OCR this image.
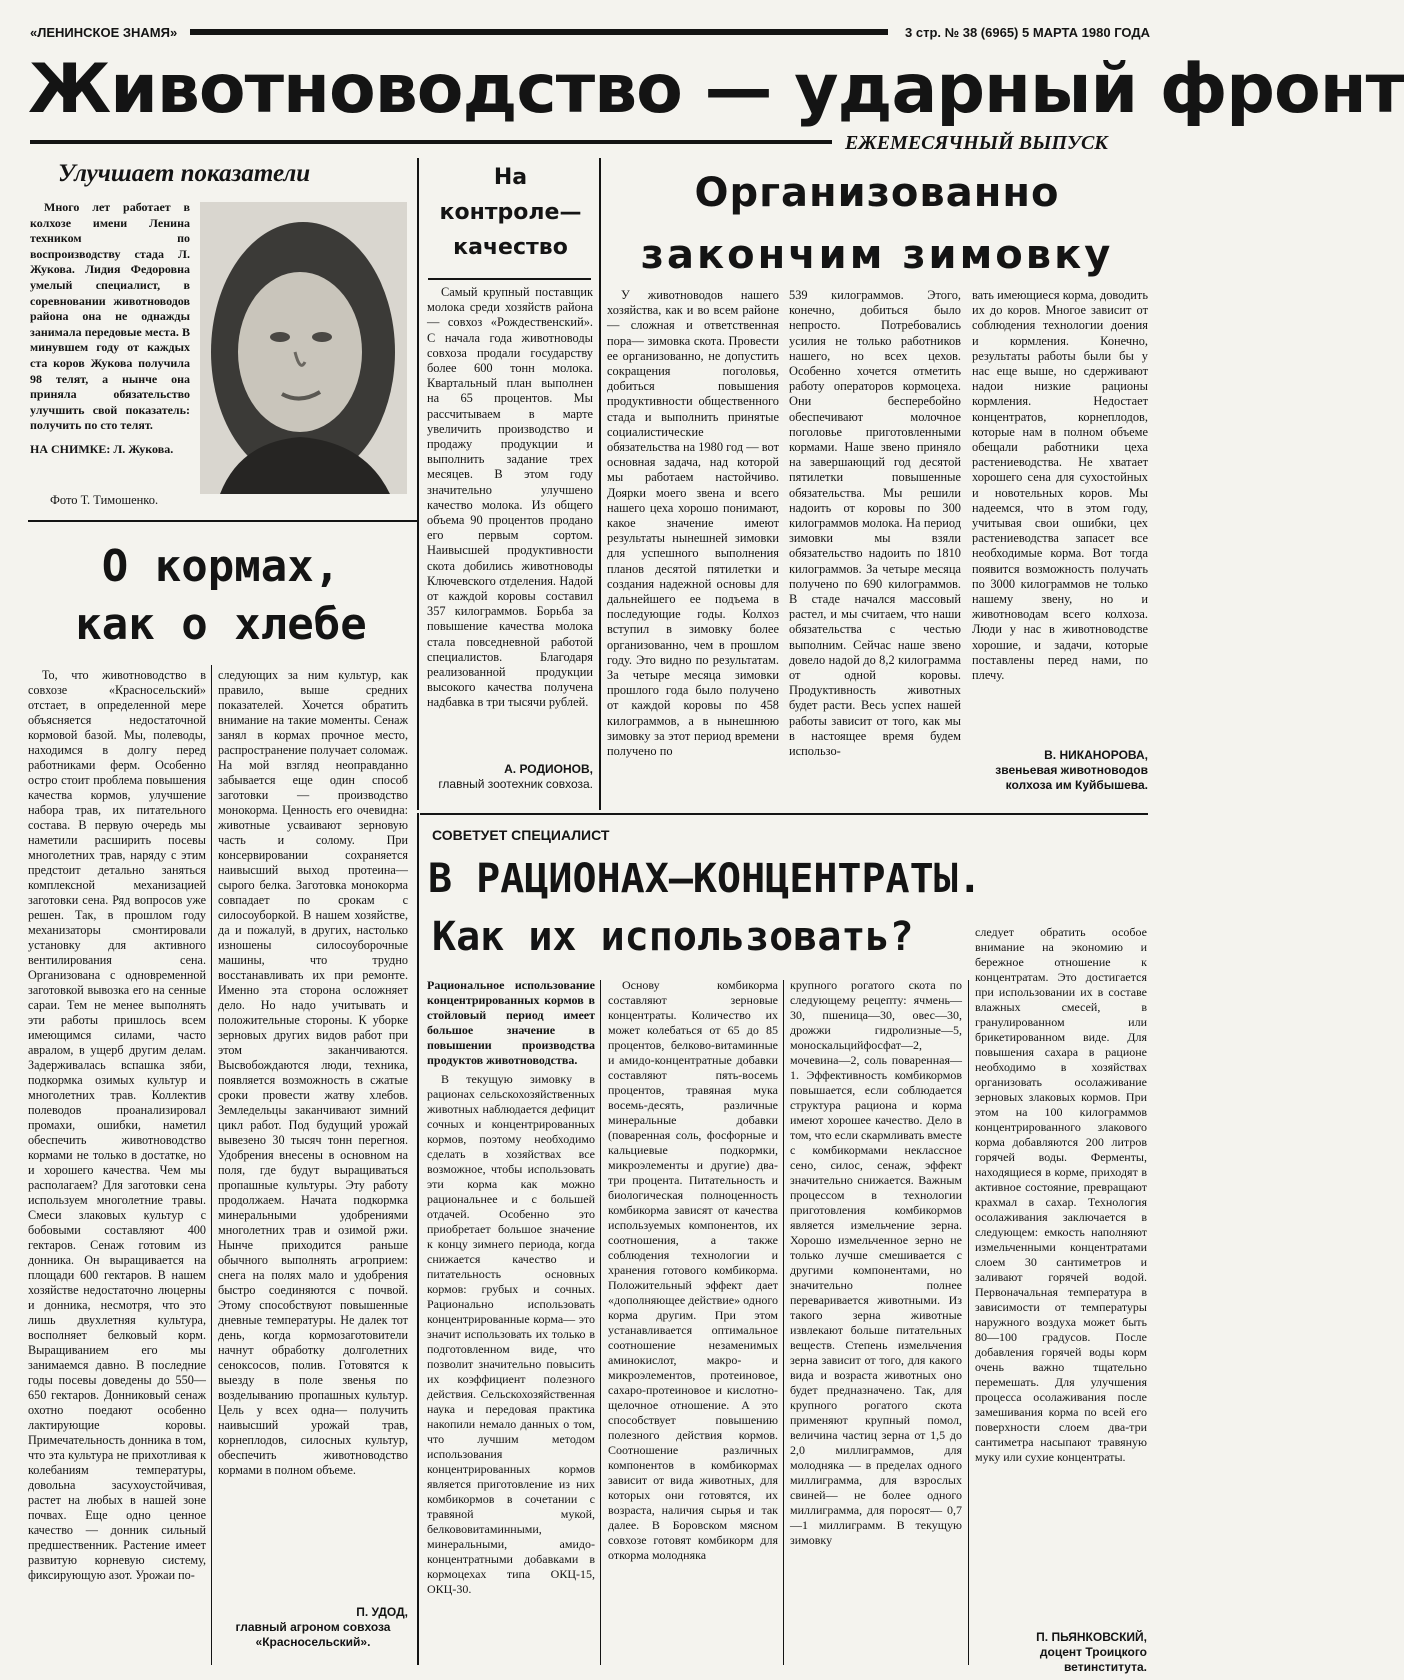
«ЛЕНИНСКОЕ ЗНАМЯ»	3 стр. № 38 (6965) 5 МАРТА 1980 ГОДА
Животноводство — ударный фронт
ЕЖЕМЕСЯЧНЫЙ ВЫПУСК
Улучшает показатели

Много лет работает в колхозе имени Ленина техником по воспроизводству стада Л. Жукова. Лидия Федоровна умелый специалист, в соревновании животноводов района она не однажды занимала передовые места. В минувшем году от каждых ста коров Жукова получила 98 телят, а нынче она приняла обязательство улучшить свой показатель: получить по сто телят.

НА СНИМКЕ: Л. Жукова.

Фото Т. Тимошенко.
На
контроле—
качество

Самый крупный поставщик молока среди хозяйств района— совхоз «Рождественский». С начала года животноводы совхоза продали государству более 600 тонн молока. Квартальный план выполнен на 65 процентов. Мы рассчитываем в марте увеличить производство и продажу продукции и выполнить задание трех месяцев. В этом году значительно улучшено качество молока. Из общего объема 90 процентов продано его первым сортом. Наивысшей продуктивности скота добились животноводы Ключевского отделения. Надой от каждой коровы составил 357 килограммов. Борьба за повышение качества молока стала повседневной работой специалистов. Благодаря реализованной продукции высокого качества получена надбавка в три тысячи рублей.

А. РОДИОНОВ,
главный зоотехник совхоза.
Организованно
закончим зимовку

У животноводов нашего хозяйства, как и во всем районе— сложная и ответственная пора— зимовка скота. Провести ее организованно, не допустить сокращения поголовья, добиться повышения продуктивности общественного стада и выполнить принятые социалистические обязательства на 1980 год — вот основная задача, над которой мы работаем настойчиво. Доярки моего звена и всего нашего цеха хорошо понимают, какое значение имеют результаты нынешней зимовки для успешного выполнения планов десятой пятилетки и создания надежной основы для дальнейшего ее подъема в последующие годы. Колхоз вступил в зимовку более организованно, чем в прошлом году. Это видно по результатам. За четыре месяца зимовки прошлого года было получено от каждой коровы по 458 килограммов, а в нынешнюю зимовку за этот период времени получено по

539 килограммов. Этого, конечно, добиться было непросто. Потребовались усилия не только работников нашего, но всех цехов. Особенно хочется отметить работу операторов кормоцеха. Они бесперебойно обеспечивают молочное поголовье приготовленными кормами. Наше звено приняло на завершающий год десятой пятилетки повышенные обязательства. Мы решили надоить от коровы по 300 килограммов молока. На период зимовки мы взяли обязательство надоить по 1810 килограммов. За четыре месяца получено по 690 килограммов. В стаде начался массовый растел, и мы считаем, что наши обязательства с честью выполним. Сейчас наше звено довело надой до 8,2 килограмма от одной коровы. Продуктивность животных будет расти. Весь успех нашей работы зависит от того, как мы в настоящее время будем использо-

вать имеющиеся корма, доводить их до коров. Многое зависит от соблюдения технологии доения и кормления. Конечно, результаты работы были бы у нас еще выше, но сдерживают надои низкие рационы кормления. Недостает концентратов, корнеплодов, которые нам в полном объеме обещали работники цеха растениеводства. Не хватает хорошего сена для сухостойных и новотельных коров. Мы надеемся, что в этом году, учитывая свои ошибки, цех растениеводства запасет все необходимые корма. Вот тогда появится возможность получать по 3000 килограммов не только нашему звену, но и животноводам всего колхоза. Люди у нас в животноводстве хорошие, и задачи, которые поставлены перед нами, по плечу.

В. НИКАНОРОВА,
звеньевая животноводов колхоза им Куйбышева.
О кормах,
как о хлебе

То, что животноводство в совхозе «Красносельский» отстает, в определенной мере объясняется недостаточной кормовой базой. Мы, полеводы, находимся в долгу перед работниками ферм. Особенно остро стоит проблема повышения качества кормов, улучшение набора трав, их питательного состава. В первую очередь мы наметили расширить посевы многолетних трав, наряду с этим предстоит детально заняться комплексной механизацией заготовки сена. Ряд вопросов уже решен. Так, в прошлом году механизаторы смонтировали установку для активного вентилирования сена. Организована с одновременной заготовкой вывозка его на сенные сараи. Тем не менее выполнять эти работы пришлось всем имеющимся силами, часто авралом, в ущерб другим делам. Задерживалась вспашка зяби, подкормка озимых культур и многолетних трав. Коллектив полеводов проанализировал промахи, ошибки, наметил обеспечить животноводство кормами не только в достатке, но и хорошего качества. Чем мы располагаем? Для заготовки сена используем многолетние травы. Смеси злаковых культур с бобовыми составляют 400 гектаров. Сенаж готовим из донника. Он выращивается на площади 600 гектаров. В нашем хозяйстве недостаточно люцерны и донника, несмотря, что это лишь двухлетняя культура, восполняет белковый корм. Выращиванием его мы занимаемся давно. В последние годы посевы доведены до 550—650 гектаров. Донниковый сенаж охотно поедают особенно лактирующие коровы. Примечательность донника в том, что эта культура не прихотливая к колебаниям температуры, довольна засухоустойчивая, растет на любых в нашей зоне почвах. Еще одно ценное качество — донник сильный предшественник. Растение имеет развитую корневую систему, фиксирующую азот. Урожаи по-

следующих за ним культур, как правило, выше средних показателей. Хочется обратить внимание на такие моменты. Сенаж занял в кормах прочное место, распространение получает соломаж. На мой взгляд неоправданно забывается еще один способ заготовки — производство монокорма. Ценность его очевидна: животные усваивают зерновую часть и солому. При консервировании сохраняется наивысший выход протеина—сырого белка. Заготовка монокорма совпадает по срокам с силосоуборкой. В нашем хозяйстве, да и пожалуй, в других, настолько изношены силосоуборочные машины, что трудно восстанавливать их при ремонте. Именно эта сторона осложняет дело. Но надо учитывать и положительные стороны. К уборке зерновых других видов работ при этом заканчиваются. Высвобождаются люди, техника, появляется возможность в сжатые сроки провести жатву хлебов. Земледельцы заканчивают зимний цикл работ. Под будущий урожай вывезено 30 тысяч тонн перегноя. Удобрения внесены в основном на поля, где будут выращиваться пропашные культуры. Эту работу продолжаем. Начата подкормка минеральными удобрениями многолетних трав и озимой ржи. Нынче приходится раньше обычного выполнять агроприем: снега на полях мало и удобрения быстро соединяются с почвой. Этому способствуют повышенные дневные температуры. Не далек тот день, когда кормозаготовители начнут обработку долголетних сеноксосов, полив. Готовятся к выезду в поле звенья по возделыванию пропашных культур. Цель у всех одна— получить наивысший урожай трав, корнеплодов, силосных культур, обеспечить животноводство кормами в полном объеме.

П. УДОД,
главный агроном совхоза «Красносельский».
СОВЕТУЕТ СПЕЦИАЛИСТ
В РАЦИОНАХ—КОНЦЕНТРАТЫ.
Как их использовать?

Рациональное использование концентрированных кормов в стойловый период имеет большое значение в повышении производства продуктов животноводства.

В текущую зимовку в рационах сельскохозяйственных животных наблюдается дефицит сочных и концентрированных кормов, поэтому необходимо сделать в хозяйствах все возможное, чтобы использовать эти корма как можно рациональнее и с большей отдачей. Особенно это приобретает большое значение к концу зимнего периода, когда снижается качество и питательность основных кормов: грубых и сочных. Рационально использовать концентрированные корма— это значит использовать их только в подготовленном виде, что позволит значительно повысить их коэффициент полезного действия. Сельскохозяйственная наука и передовая практика накопили немало данных о том, что лучшим методом использования концентрированных кормов является приготовление из них комбикормов в сочетании с травяной мукой, белкововитаминными, минеральными, амидо-концентратными добавками в кормоцехах типа ОКЦ-15, ОКЦ-30.

Основу комбикорма составляют зерновые концентраты. Количество их может колебаться от 65 до 85 процентов, белково-витаминные и амидо-концентратные добавки составляют пять-восемь процентов, травяная мука восемь-десять, различные минеральные добавки (поваренная соль, фосфорные и кальциевые подкормки, микроэлементы и другие) два-три процента. Питательность и биологическая полноценность комбикорма зависят от качества используемых компонентов, их соотношения, а также соблюдения технологии и хранения готового комбикорма. Положительный эффект дает «дополняющее действие» одного корма другим. При этом устанавливается оптимальное соотношение незаменимых аминокислот, макро- и микроэлементов, протеиновое, сахаро-протеиновое и кислотно-щелочное отношение. А это способствует повышению полезного действия кормов. Соотношение различных компонентов в комбикормах зависит от вида животных, для которых они готовятся, их возраста, наличия сырья и так далее. В Боровском мясном совхозе готовят комбикорм для откорма молодняка

крупного рогатого скота по следующему рецепту: ячмень—30, пшеница—30, овес—30, дрожжи гидролизные—5, моноскальцийфосфат—2, мочевина—2, соль поваренная—1. Эффективность комбикормов повышается, если соблюдается структура рациона и корма имеют хорошее качество. Дело в том, что если скармливать вместе с комбикормами неклассное сено, силос, сенаж, эффект значительно снижается. Важным процессом в технологии приготовления комбикормов является измельчение зерна. Хорошо измельченное зерно не только лучше смешивается с другими компонентами, но значительно полнее переваривается животными. Из такого зерна животные извлекают больше питательных веществ. Степень измельчения зерна зависит от того, для какого вида и возраста животных оно будет предназначено. Так, для крупного рогатого скота применяют крупный помол, величина частиц зерна от 1,5 до 2,0 миллиграммов, для молодняка — в пределах одного миллиграмма, для взрослых свиней— не более одного миллиграмма, для поросят— 0,7—1 миллиграмм. В текущую зимовку

следует обратить особое внимание на экономию и бережное отношение к концентратам. Это достигается при использовании их в составе влажных смесей, в гранулированном или брикетированном виде. Для повышения сахара в рационе необходимо в хозяйствах организовать осолаживание зерновых злаковых кормов. При этом на 100 килограммов концентрированного злакового корма добавляются 200 литров горячей воды. Ферменты, находящиеся в корме, приходят в активное состояние, превращают крахмал в сахар. Технология осолаживания заключается в следующем: емкость наполняют измельченными концентратами слоем 30 сантиметров и заливают горячей водой. Первоначальная температура в зависимости от температуры наружного воздуха может быть 80—100 градусов. После добавления горячей воды корм очень важно тщательно перемешать. Для улучшения процесса осолаживания после замешивания корма по всей его поверхности слоем два-три сантиметра насыпают травяную муку или сухие концентраты.

П. ПЬЯНКОВСКИЙ,
доцент Троицкого ветинститута.
